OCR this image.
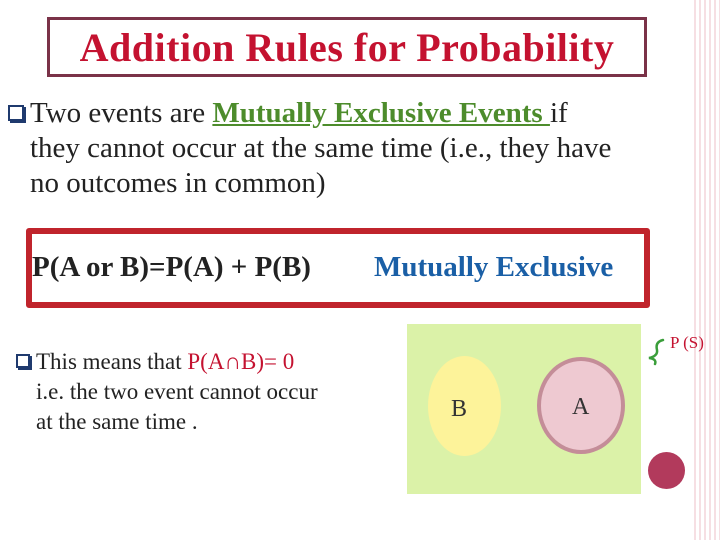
Addition Rules for Probability
Two events are Mutually Exclusive Events if
they cannot occur at the same time (i.e., they have
no outcomes in common)
P(A or B)=P(A) + P(B) Mutually Exclusive
This means that P(A∩B)= 0
i.e. the two event cannot occur
at the same time .	B	A
P (S)
